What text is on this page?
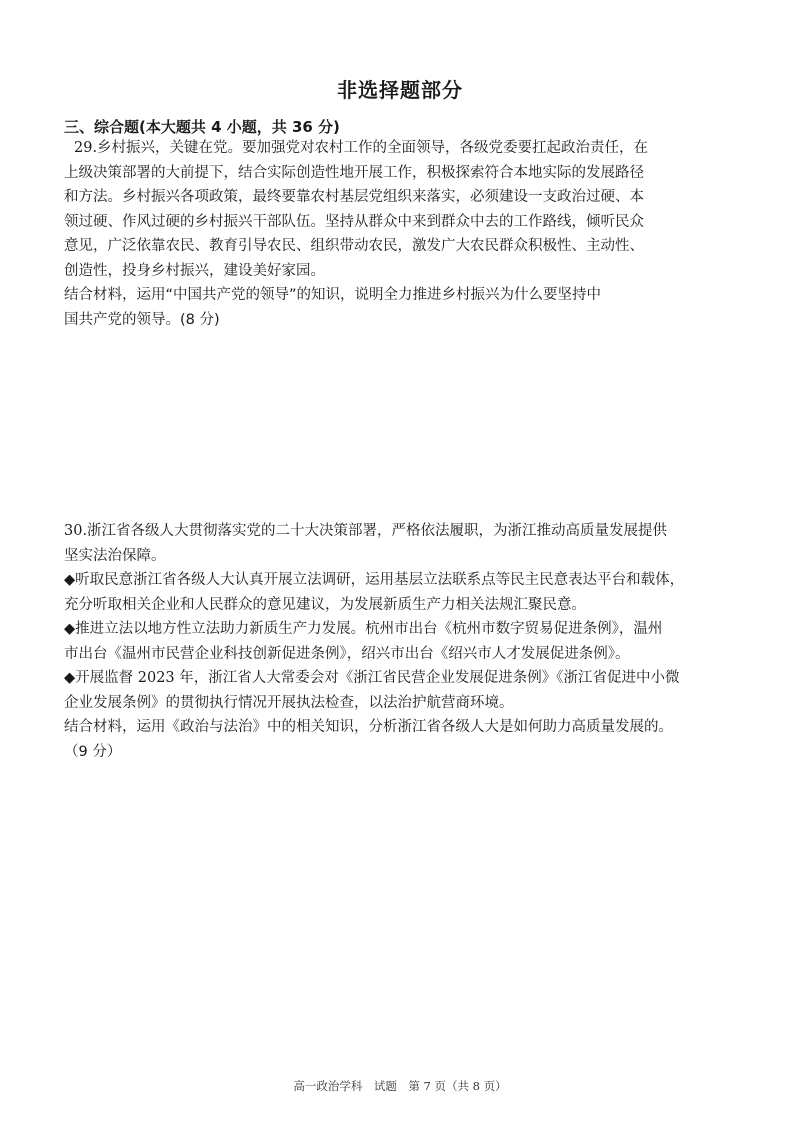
非选择题部分
三、综合题(本大题共 4 小题，共 36 分)
29.乡村振兴，关键在党。要加强党对农村工作的全面领导，各级党委要扛起政治责任，在
上级决策部署的大前提下，结合实际创造性地开展工作，积极探索符合本地实际的发展路径
和方法。乡村振兴各项政策，最终要靠农村基层党组织来落实，必须建设一支政治过硬、本
领过硬、作风过硬的乡村振兴干部队伍。坚持从群众中来到群众中去的工作路线，倾听民众
意见，广泛依靠农民、教育引导农民、组织带动农民，激发广大农民群众积极性、主动性、
创造性，投身乡村振兴，建设美好家园。
结合材料，运用“中国共产党的领导”的知识，说明全力推进乡村振兴为什么要坚持中
国共产党的领导。(8 分)
30.浙江省各级人大贯彻落实党的二十大决策部署，严格依法履职，为浙江推动高质量发展提供
坚实法治保障。
◆听取民意浙江省各级人大认真开展立法调研，运用基层立法联系点等民主民意表达平台和载体，
充分听取相关企业和人民群众的意见建议，为发展新质生产力相关法规汇聚民意。
◆推进立法以地方性立法助力新质生产力发展。杭州市出台《杭州市数字贸易促进条例》，温州
市出台《温州市民营企业科技创新促进条例》，绍兴市出台《绍兴市人才发展促进条例》。
◆开展监督 2023 年，浙江省人大常委会对《浙江省民营企业发展促进条例》《浙江省促进中小微
企业发展条例》的贯彻执行情况开展执法检查，以法治护航营商环境。
结合材料，运用《政治与法治》中的相关知识，分析浙江省各级人大是如何助力高质量发展的。
（9 分）
高一政治学科　试题　第 7 页（共 8 页）
